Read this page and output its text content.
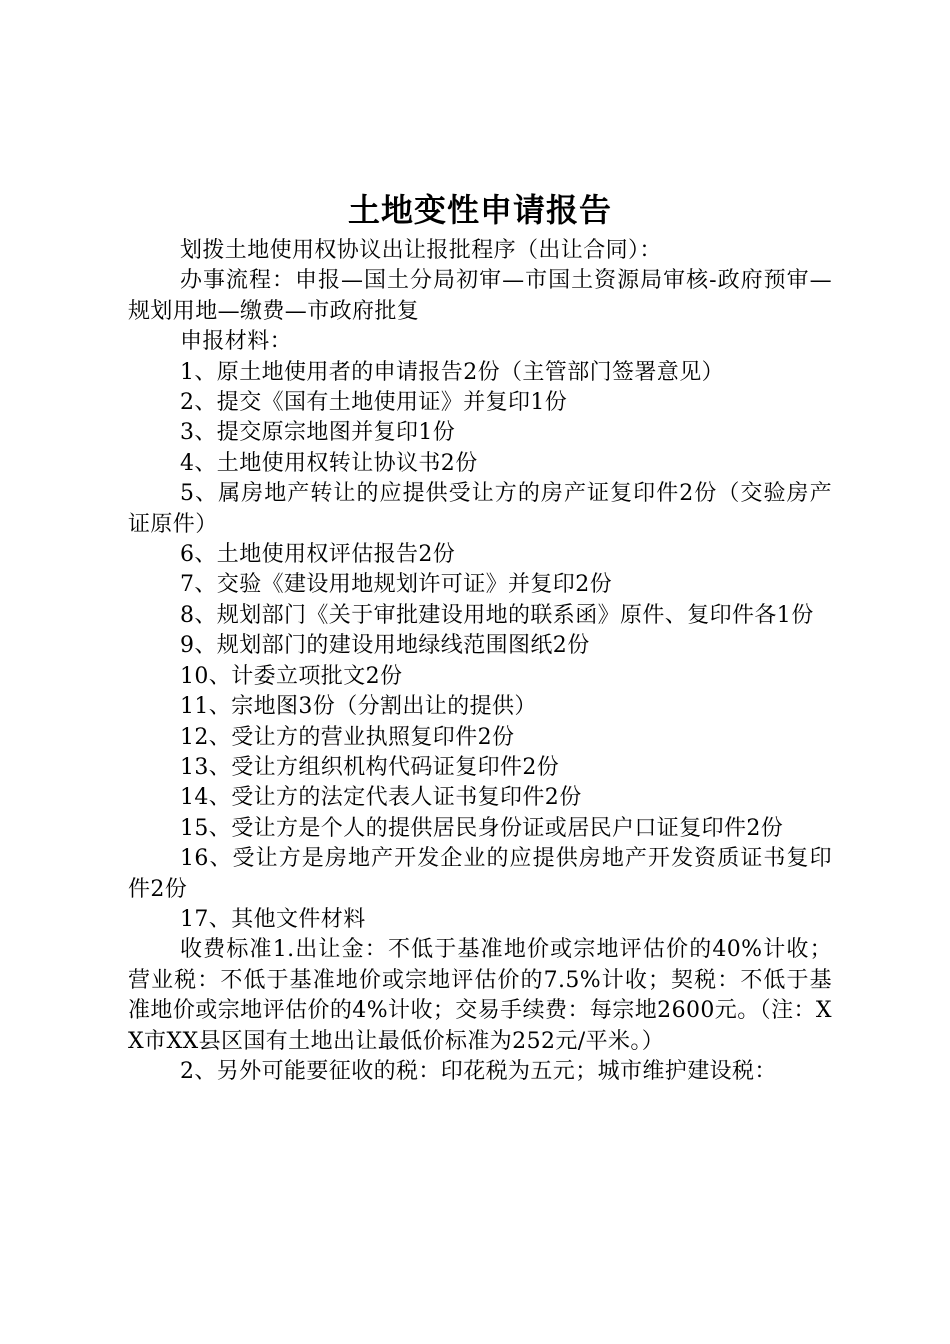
土地变性申请报告

划拨土地使用权协议出让报批程序（出让合同）：

办事流程：申报—国土分局初审—市国土资源局审核-政府预审—规划用地—缴费—市政府批复

申报材料：

1、原土地使用者的申请报告2份（主管部门签署意见）

2、提交《国有土地使用证》并复印1份

3、提交原宗地图并复印1份

4、土地使用权转让协议书2份

5、属房地产转让的应提供受让方的房产证复印件2份（交验房产证原件）

6、土地使用权评估报告2份

7、交验《建设用地规划许可证》并复印2份

8、规划部门《关于审批建设用地的联系函》原件、复印件各1份

9、规划部门的建设用地绿线范围图纸2份

10、计委立项批文2份

11、宗地图3份（分割出让的提供）

12、受让方的营业执照复印件2份

13、受让方组织机构代码证复印件2份

14、受让方的法定代表人证书复印件2份

15、受让方是个人的提供居民身份证或居民户口证复印件2份

16、受让方是房地产开发企业的应提供房地产开发资质证书复印件2份

17、其他文件材料

收费标准1.出让金：不低于基准地价或宗地评估价的40%计收；营业税：不低于基准地价或宗地评估价的7.5%计收；契税：不低于基准地价或宗地评估价的4%计收；交易手续费：每宗地2600元。（注：XX市XX县区国有土地出让最低价标准为252元/平米。）

2、另外可能要征收的税：印花税为五元；城市维护建设税：
